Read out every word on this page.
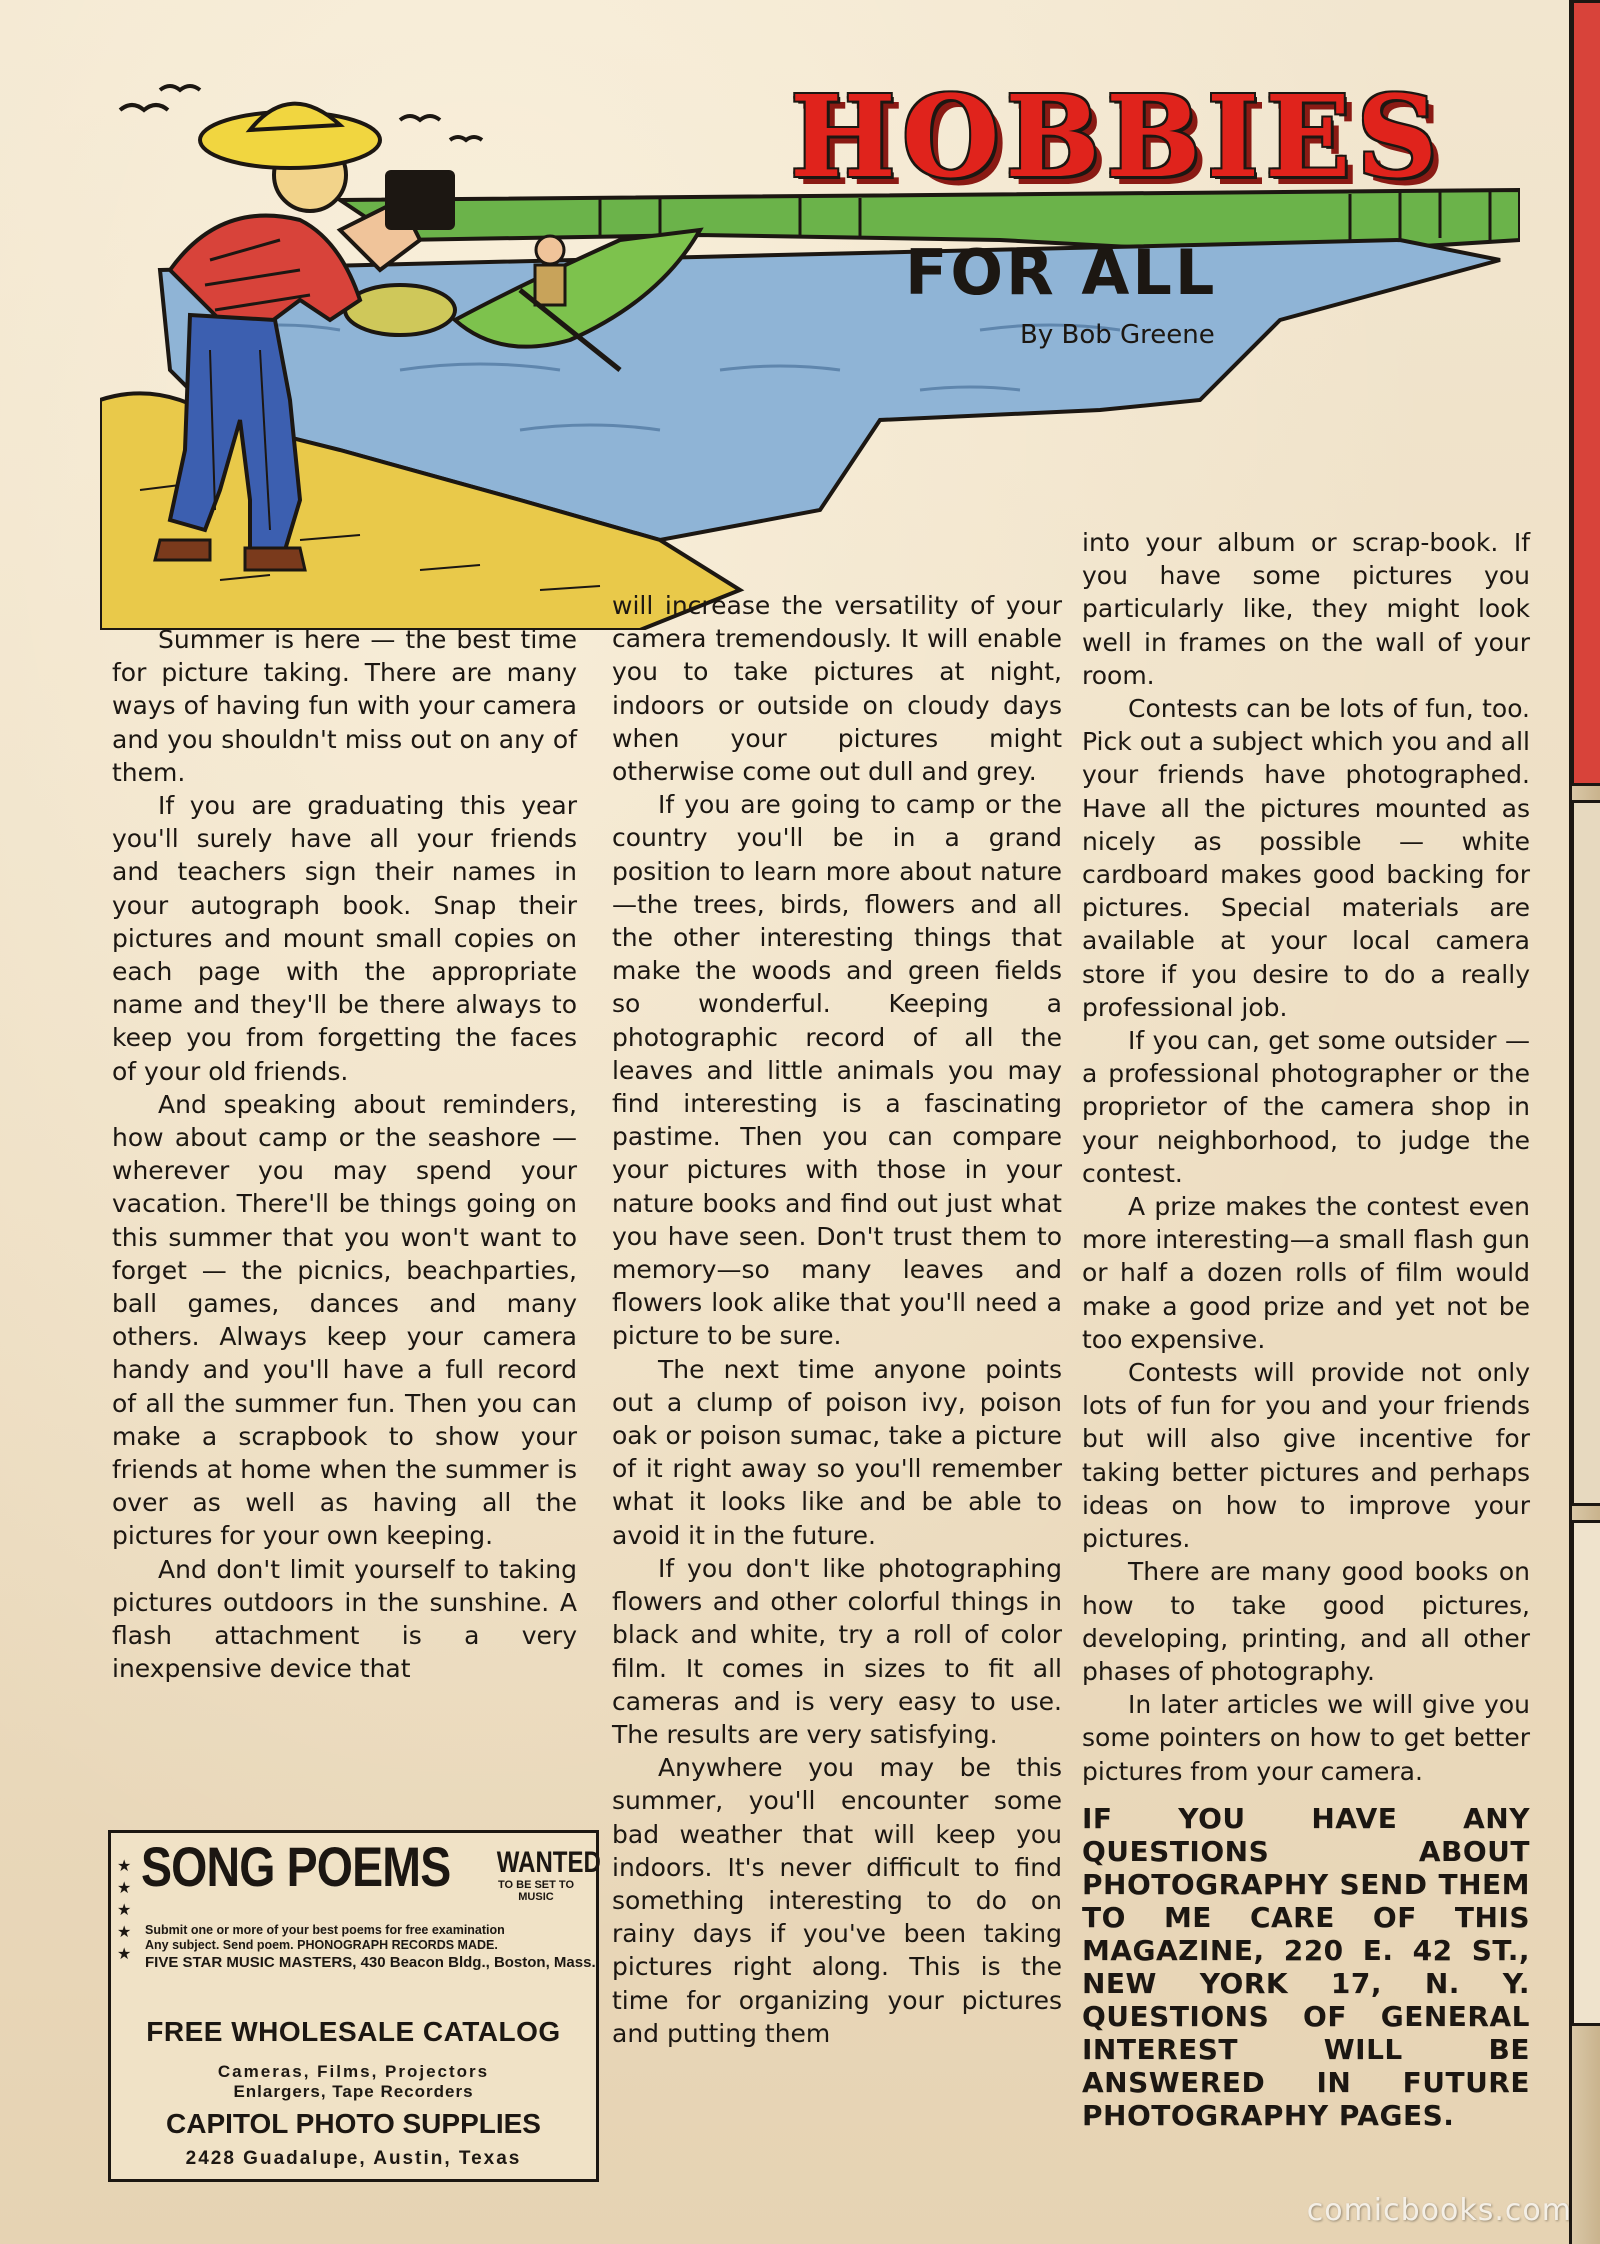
HOBBIES
FOR ALL
By Bob Greene

Summer is here — the best time for picture taking. There are many ways of having fun with your camera and you shouldn't miss out on any of them.

If you are graduating this year you'll surely have all your friends and teachers sign their names in your autograph book. Snap their pictures and mount small copies on each page with the appropriate name and they'll be there always to keep you from forgetting the faces of your old friends.

And speaking about reminders, how about camp or the seashore — wherever you may spend your vacation. There'll be things going on this summer that you won't want to forget — the picnics, beachparties, ball games, dances and many others. Always keep your camera handy and you'll have a full record of all the summer fun. Then you can make a scrapbook to show your friends at home when the summer is over as well as having all the pictures for your own keeping.

And don't limit yourself to taking pictures outdoors in the sunshine. A flash attachment is a very inexpensive device that

will increase the versatility of your camera tremendously. It will enable you to take pictures at night, indoors or outside on cloudy days when your pictures might otherwise come out dull and grey.

If you are going to camp or the country you'll be in a grand position to learn more about nature—the trees, birds, flowers and all the other interesting things that make the woods and green fields so wonderful. Keeping a photographic record of all the leaves and little animals you may find interesting is a fascinating pastime. Then you can compare your pictures with those in your nature books and find out just what you have seen. Don't trust them to memory—so many leaves and flowers look alike that you'll need a picture to be sure.

The next time anyone points out a clump of poison ivy, poison oak or poison sumac, take a picture of it right away so you'll remember what it looks like and be able to avoid it in the future.

If you don't like photographing flowers and other colorful things in black and white, try a roll of color film. It comes in sizes to fit all cameras and is very easy to use. The results are very satisfying.

Anywhere you may be this summer, you'll encounter some bad weather that will keep you indoors. It's never difficult to find something interesting to do on rainy days if you've been taking pictures right along. This is the time for organizing your pictures and putting them

into your album or scrap-book. If you have some pictures you particularly like, they might look well in frames on the wall of your room.

Contests can be lots of fun, too. Pick out a subject which you and all your friends have photographed. Have all the pictures mounted as nicely as possible — white cardboard makes good backing for pictures. Special materials are available at your local camera store if you desire to do a really professional job.

If you can, get some outsider — a professional photographer or the proprietor of the camera shop in your neighborhood, to judge the contest.

A prize makes the contest even more interesting—a small flash gun or half a dozen rolls of film would make a good prize and yet not be too expensive.

Contests will provide not only lots of fun for you and your friends but will also give incentive for taking better pictures and perhaps ideas on how to improve your pictures.

There are many good books on how to take good pictures, developing, printing, and all other phases of photography.

In later articles we will give you some pointers on how to get better pictures from your camera.

IF YOU HAVE ANY QUESTIONS ABOUT PHOTOGRAPHY SEND THEM TO ME CARE OF THIS MAGAZINE, 220 E. 42 ST., NEW YORK 17, N. Y. QUESTIONS OF GENERAL INTEREST WILL BE ANSWERED IN FUTURE PHOTOGRAPHY PAGES.
★
★
★
★
★
SONG POEMS WANTED
TO BE SET TO MUSIC
Submit one or more of your best poems for free examination
Any subject. Send poem. PHONOGRAPH RECORDS MADE.
FIVE STAR MUSIC MASTERS, 430 Beacon Bldg., Boston, Mass.
FREE WHOLESALE CATALOG
Cameras, Films, Projectors
Enlargers, Tape Recorders
CAPITOL PHOTO SUPPLIES
2428 Guadalupe, Austin, Texas
comicbooks.com
